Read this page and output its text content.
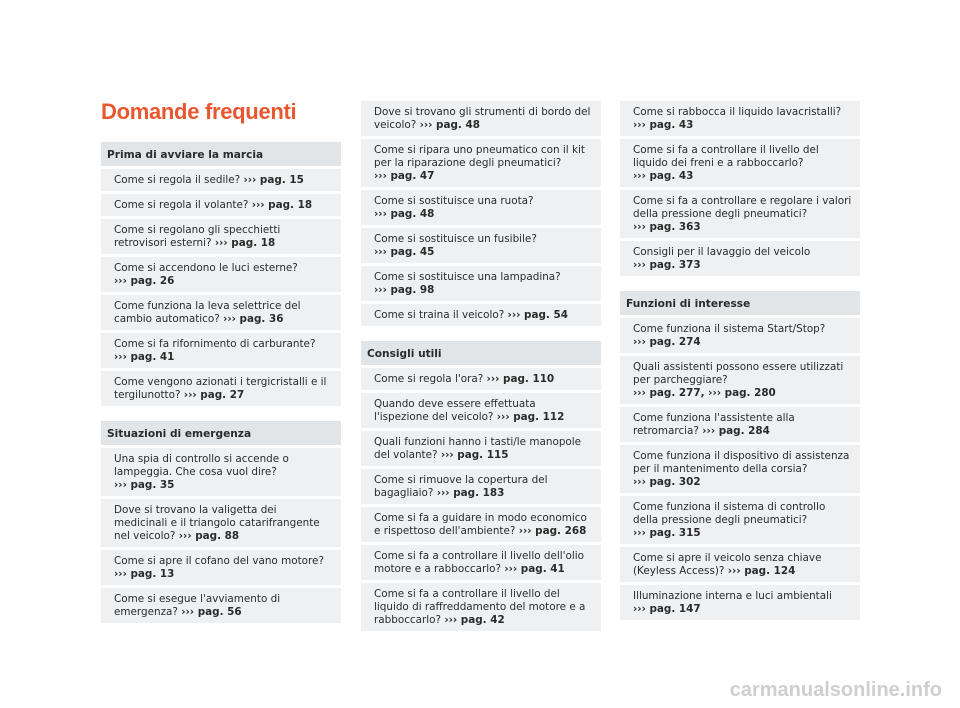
Domande frequenti
Prima di avviare la marcia
Come si regola il sedile? ››› pag. 15
Come si regola il volante? ››› pag. 18
Come si regolano gli specchietti retrovisori esterni? ››› pag. 18
Come si accendono le luci esterne? ››› pag. 26
Come funziona la leva selettrice del cambio automatico? ››› pag. 36
Come si fa rifornimento di carburante? ››› pag. 41
Come vengono azionati i tergicristalli e il tergilunotto? ››› pag. 27
Situazioni di emergenza
Una spia di controllo si accende o lampeggia. Che cosa vuol dire? ››› pag. 35
Dove si trovano la valigetta dei medicinali e il triangolo catarifrangente nel veicolo? ››› pag. 88
Come si apre il cofano del vano motore? ››› pag. 13
Come si esegue l'avviamento di emergenza? ››› pag. 56
Dove si trovano gli strumenti di bordo del veicolo? ››› pag. 48
Come si ripara uno pneumatico con il kit per la riparazione degli pneumatici? ››› pag. 47
Come si sostituisce una ruota? ››› pag. 48
Come si sostituisce un fusibile? ››› pag. 45
Come si sostituisce una lampadina? ››› pag. 98
Come si traina il veicolo? ››› pag. 54
Consigli utili
Come si regola l'ora? ››› pag. 110
Quando deve essere effettuata l'ispezione del veicolo? ››› pag. 112
Quali funzioni hanno i tasti/le manopole del volante? ››› pag. 115
Come si rimuove la copertura del bagagliaio? ››› pag. 183
Come si fa a guidare in modo economico e rispettoso dell'ambiente? ››› pag. 268
Come si fa a controllare il livello dell'olio motore e a rabboccarlo? ››› pag. 41
Come si fa a controllare il livello del liquido di raffreddamento del motore e a rabboccarlo? ››› pag. 42
Come si rabbocca il liquido lavacristalli? ››› pag. 43
Come si fa a controllare il livello del liquido dei freni e a rabboccarlo? ››› pag. 43
Come si fa a controllare e regolare i valori della pressione degli pneumatici? ››› pag. 363
Consigli per il lavaggio del veicolo ››› pag. 373
Funzioni di interesse
Come funziona il sistema Start/Stop? ››› pag. 274
Quali assistenti possono essere utilizzati per parcheggiare? ››› pag. 277, ››› pag. 280
Come funziona l'assistente alla retromarcia? ››› pag. 284
Come funziona il dispositivo di assistenza per il mantenimento della corsia? ››› pag. 302
Come funziona il sistema di controllo della pressione degli pneumatici? ››› pag. 315
Come si apre il veicolo senza chiave (Keyless Access)? ››› pag. 124
Illuminazione interna e luci ambientali ››› pag. 147
carmanualsonline.info
